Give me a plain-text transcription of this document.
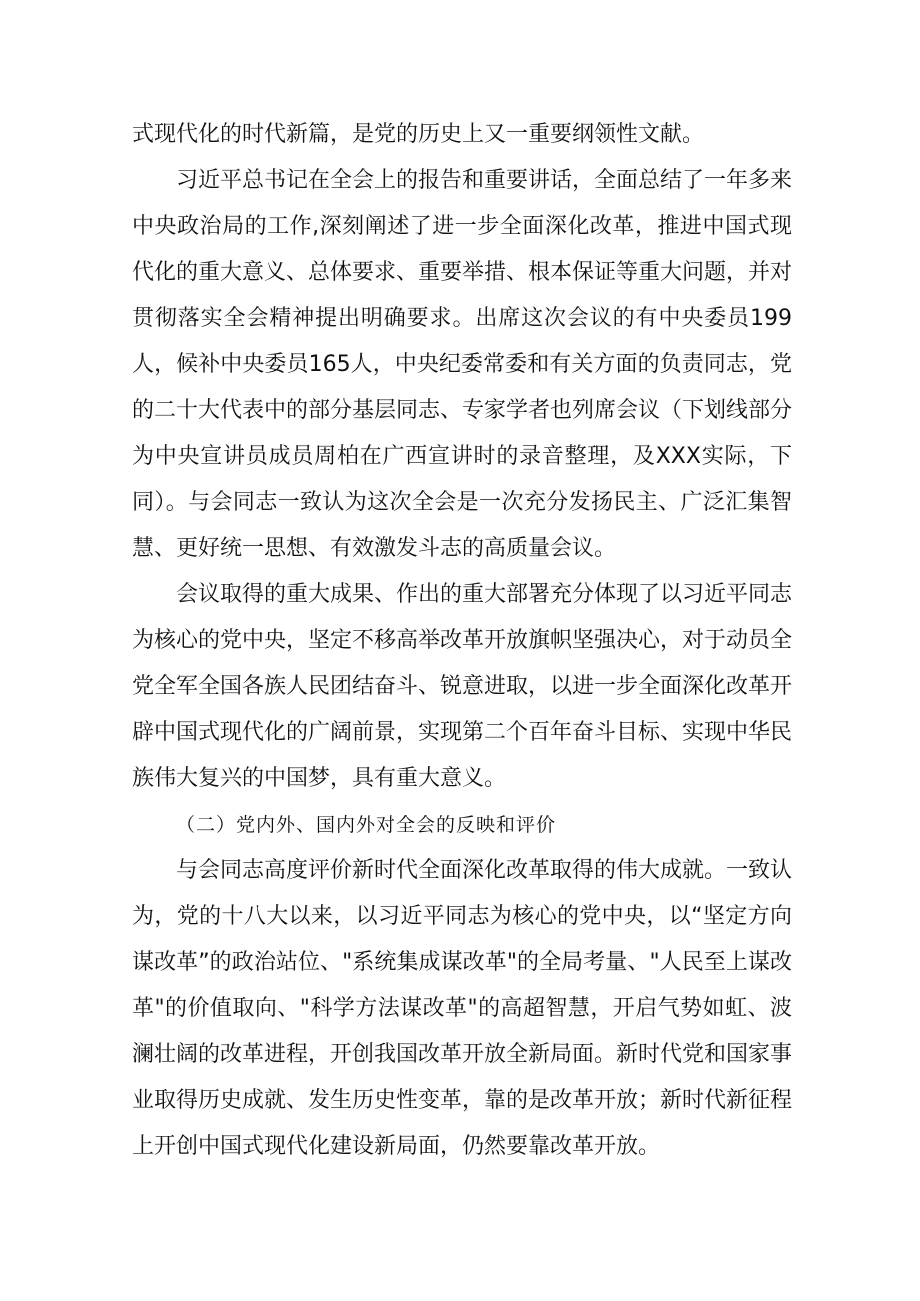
式现代化的时代新篇，是党的历史上又一重要纲领性文献。

习近平总书记在全会上的报告和重要讲话，全面总结了一年多来中央政治局的工作,深刻阐述了进一步全面深化改革，推进中国式现代化的重大意义、总体要求、重要举措、根本保证等重大问题，并对贯彻落实全会精神提出明确要求。出席这次会议的有中央委员199人，候补中央委员165人，中央纪委常委和有关方面的负责同志，党的二十大代表中的部分基层同志、专家学者也列席会议（下划线部分为中央宣讲员成员周柏在广西宣讲时的录音整理，及XXX实际，下同）。与会同志一致认为这次全会是一次充分发扬民主、广泛汇集智慧、更好统一思想、有效激发斗志的高质量会议。

会议取得的重大成果、作出的重大部署充分体现了以习近平同志为核心的党中央，坚定不移高举改革开放旗帜坚强决心，对于动员全党全军全国各族人民团结奋斗、锐意进取，以进一步全面深化改革开辟中国式现代化的广阔前景，实现第二个百年奋斗目标、实现中华民族伟大复兴的中国梦，具有重大意义。

（二）党内外、国内外对全会的反映和评价

与会同志高度评价新时代全面深化改革取得的伟大成就。一致认为，党的十八大以来，以习近平同志为核心的党中央，以“坚定方向谋改革”的政治站位、"系统集成谋改革"的全局考量、"人民至上谋改革"的价值取向、"科学方法谋改革"的高超智慧，开启气势如虹、波澜壮阔的改革进程，开创我国改革开放全新局面。新时代党和国家事业取得历史成就、发生历史性变革，靠的是改革开放；新时代新征程上开创中国式现代化建设新局面，仍然要靠改革开放。
